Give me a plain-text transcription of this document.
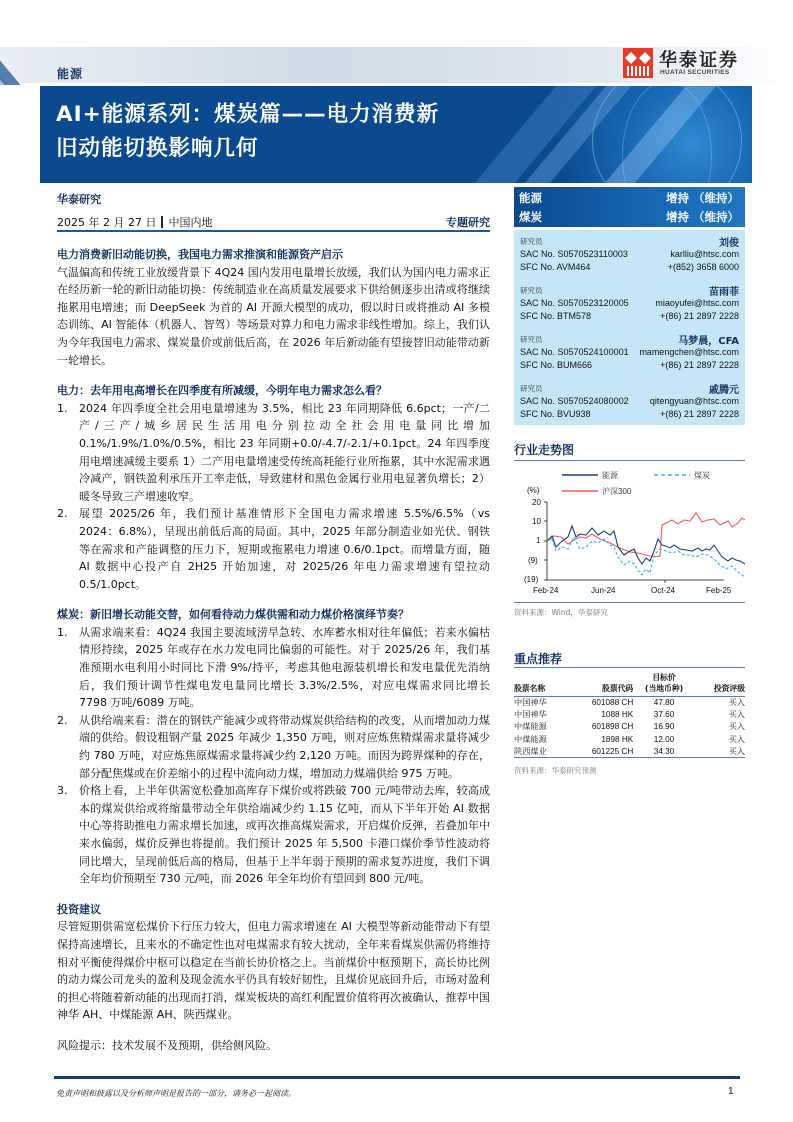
能源
华泰证券
HUATAI SECURITIES
AI+能源系列：煤炭篇——电力消费新
旧动能切换影响几何
华泰研究
2025 年 2 月 27 日 中国内地	专题研究
电力消费新旧动能切换，我国电力需求推演和能源资产启示
气温偏高和传统工业放缓背景下 4Q24 国内发用电量增长放缓，我们认为国内电力需求正在经历新一轮的新旧动能切换：传统制造业在高质量发展要求下供给侧逐步出清或将继续拖累用电增速；而 DeepSeek 为首的 AI 开源大模型的成功，假以时日或将推动 AI 多模态训练、AI 智能体（机器人、智驾）等场景对算力和电力需求非线性增加。综上，我们认为今年我国电力需求、煤炭量价或前低后高，在 2026 年后新动能有望接替旧动能带动新一轮增长。
电力：去年用电高增长在四季度有所减缓，今明年电力需求怎么看？
1. 2024 年四季度全社会用电量增速为 3.5%，相比 23 年同期降低 6.6pct；一产/二产/三产/城乡居民生活用电分别拉动全社会用电量同比增加 0.1%/1.9%/1.0%/0.5%，相比 23 年同期+0.0/-4.7/-2.1/+0.1pct。24 年四季度用电增速减缓主要系 1）二产用电量增速受传统高耗能行业所拖累，其中水泥需求遇冷减产，钢铁盈利承压开工率走低，导致建材和黑色金属行业用电显著负增长；2）暖冬导致三产增速收窄。
2. 展望 2025/26 年，我们预计基准情形下全国电力需求增速 5.5%/6.5%（vs 2024：6.8%），呈现出前低后高的局面。其中，2025 年部分制造业如光伏、钢铁等在需求和产能调整的压力下，短期或拖累电力增速 0.6/0.1pct。而增量方面，随 AI 数据中心投产自 2H25 开始加速，对 2025/26 年电力需求增速有望拉动 0.5/1.0pct。
煤炭：新旧增长动能交替，如何看待动力煤供需和动力煤价格演绎节奏？
1. 从需求端来看：4Q24 我国主要流域涝旱急转、水库蓄水相对往年偏低；若来水偏枯情形持续，2025 年或存在水力发电同比偏弱的可能性。对于 2025/26 年，我们基准预期水电利用小时同比下滑 9%/持平，考虑其他电源装机增长和发电量优先消纳后，我们预计调节性煤电发电量同比增长 3.3%/2.5%，对应电煤需求同比增长 7798 万吨/6089 万吨。
2. 从供给端来看：潜在的钢铁产能减少或将带动煤炭供给结构的改变，从而增加动力煤端的供给。假设粗钢产量 2025 年减少 1,350 万吨，则对应炼焦精煤需求量将减少约 780 万吨，对应炼焦原煤需求量将减少约 2,120 万吨。而因为跨界煤种的存在，部分配焦煤或在价差缩小的过程中流向动力煤，增加动力煤端供给 975 万吨。
3. 价格上看，上半年供需宽松叠加高库存下煤价或将跌破 700 元/吨带动去库，较高成本的煤炭供给或将缩量带动全年供给端减少约 1.15 亿吨，而从下半年开始 AI 数据中心等将助推电力需求增长加速，或再次推高煤炭需求，开启煤价反弹，若叠加年中来水偏弱，煤价反弹也将提前。我们预计 2025 年 5,500 卡港口煤价季节性波动将同比增大，呈现前低后高的格局，但基于上半年弱于预期的需求复苏进度，我们下调全年均价预期至 730 元/吨，而 2026 年全年均价有望回到 800 元/吨。
投资建议
尽管短期供需宽松煤价下行压力较大，但电力需求增速在 AI 大模型等新动能带动下有望保持高速增长，且来水的不确定性也对电煤需求有较大扰动，全年来看煤炭供需仍将维持相对平衡使得煤价中枢可以稳定在当前长协价格之上。当前煤价中枢预期下，高长协比例的动力煤公司龙头的盈利及现金流水平仍具有较好韧性，且煤价见底回升后，市场对盈利的担心将随着新动能的出现而打消，煤炭板块的高红利配置价值将再次被确认，推荐中国神华 AH、中煤能源 AH、陕西煤业。
风险提示：技术发展不及预期，供给侧风险。
能源	增持 （维持）
煤炭	增持 （维持）
研究员	刘俊
SAC No. S0570523110003
SFC No. AVM464
karlliu@htsc.com
+(852) 3658 6000
研究员	苗雨菲
SAC No. S0570523120005
SFC No. BTM578
miaoyufei@htsc.com
+(86) 21 2897 2228
研究员	马梦晨，CFA
SAC No. S0570524100001
SFC No. BUM666
mamengchen@htsc.com
+(86) 21 2897 2228
研究员	戚腾元
SAC No. S0570524080002
SFC No. BVU938
qitengyuan@htsc.com
+(86) 21 2897 2228
行业走势图
能源	煤炭
沪深300
(%)
20
10
1
(9)
(19)
Feb-24	Jun-24	Oct-24	Feb-25
资料来源：Wind，华泰研究
重点推荐
		目标价	
股票名称	股票代码	(当地币种)	投资评级
中国神华	601088 CH	47.80	买入
中国神华	1088 HK	37.60	买入
中煤能源	601898 CH	16.90	买入
中煤能源	1898 HK	12.00	买入
陕西煤业	601225 CH	34.30	买入
资料来源：华泰研究预测
免责声明和披露以及分析师声明是报告的一部分，请务必一起阅读。	1
